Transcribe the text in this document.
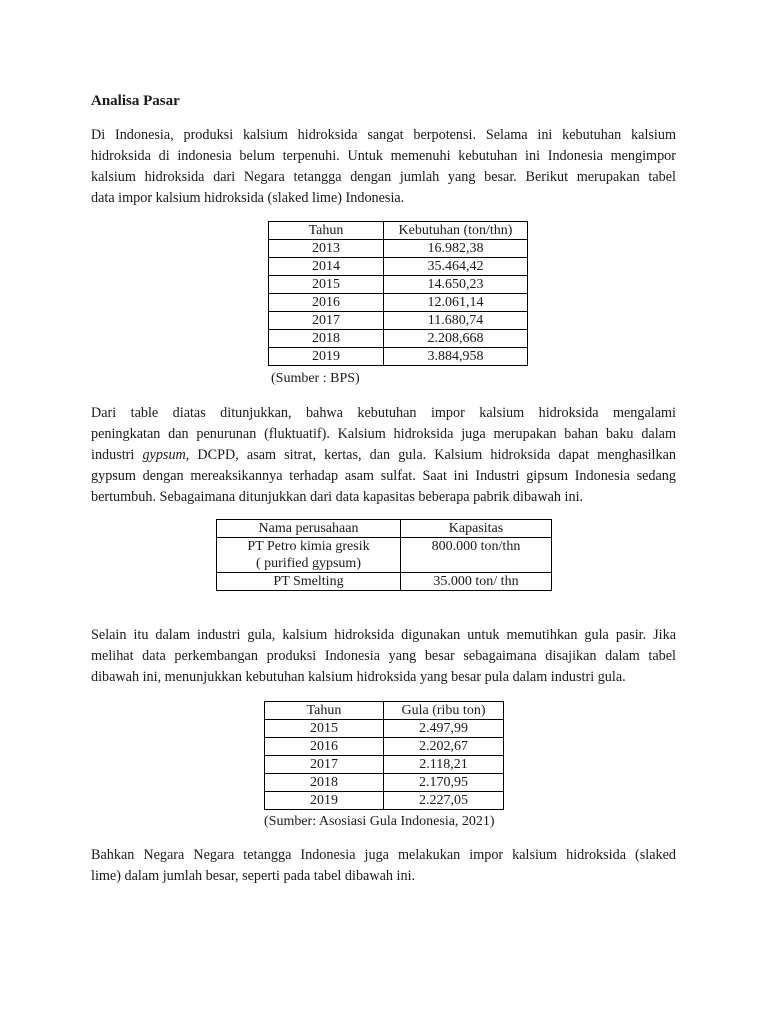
Analisa Pasar

Di Indonesia, produksi kalsium hidroksida sangat berpotensi. Selama ini kebutuhan kalsium
hidroksida di indonesia belum terpenuhi. Untuk memenuhi kebutuhan ini Indonesia mengimpor
kalsium hidroksida dari Negara tetangga dengan jumlah yang besar. Berikut merupakan tabel
data impor kalsium hidroksida (slaked lime) Indonesia.

Tahun	Kebutuhan (ton/thn)
2013	16.982,38
2014	35.464,42
2015	14.650,23
2016	12.061,14
2017	11.680,74
2018	2.208,668
2019	3.884,958
(Sumber : BPS)

Dari table diatas ditunjukkan, bahwa kebutuhan impor kalsium hidroksida mengalami
peningkatan dan penurunan (fluktuatif). Kalsium hidroksida juga merupakan bahan baku dalam
industri gypsum, DCPD, asam sitrat, kertas, dan gula. Kalsium hidroksida dapat menghasilkan
gypsum dengan mereaksikannya terhadap asam sulfat. Saat ini Industri gipsum Indonesia sedang
bertumbuh. Sebagaimana ditunjukkan dari data kapasitas beberapa pabrik dibawah ini.

Nama perusahaan	Kapasitas

PT Petro kimia gresik
( purified gypsum)	800.000 ton/thn
PT Smelting	35.000 ton/ thn

Selain itu dalam industri gula, kalsium hidroksida digunakan untuk memutihkan gula pasir. Jika
melihat data perkembangan produksi Indonesia yang besar sebagaimana disajikan dalam tabel
dibawah ini, menunjukkan kebutuhan kalsium hidroksida yang besar pula dalam industri gula.

Tahun	Gula (ribu ton)
2015	2.497,99
2016	2.202,67
2017	2.118,21
2018	2.170,95
2019	2.227,05
(Sumber: Asosiasi Gula Indonesia, 2021)

Bahkan Negara Negara tetangga Indonesia juga melakukan impor kalsium hidroksida (slaked
lime) dalam jumlah besar, seperti pada tabel dibawah ini.
